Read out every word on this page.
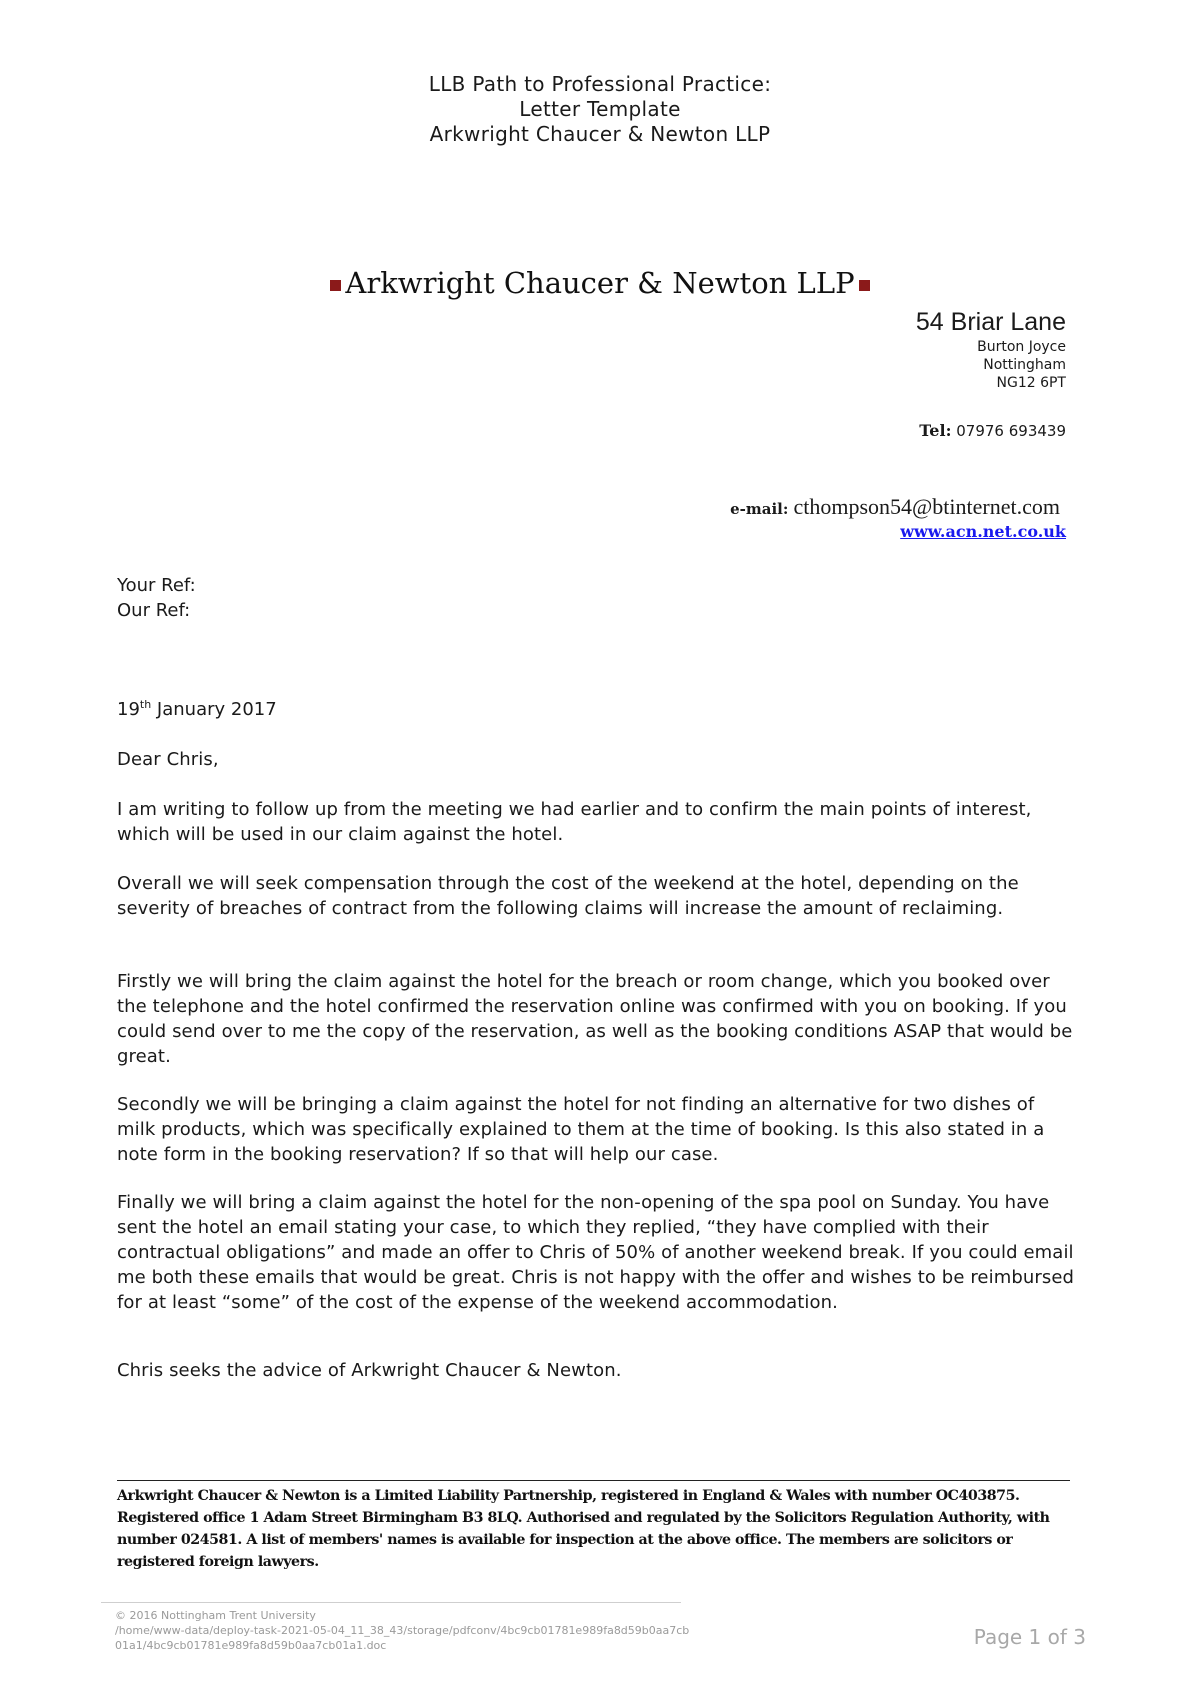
LLB Path to Professional Practice:
Letter Template
Arkwright Chaucer & Newton LLP
Arkwright Chaucer & Newton LLP
54 Briar Lane
Burton Joyce
Nottingham
NG12 6PT
Tel: 07976 693439
e-mail: cthompson54@btinternet.com
www.acn.net.co.uk
Your Ref:
Our Ref:
19th January 2017
Dear Chris,
I am writing to follow up from the meeting we had earlier and to confirm the main points of interest, which will be used in our claim against the hotel.
Overall we will seek compensation through the cost of the weekend at the hotel, depending on the severity of breaches of contract from the following claims will increase the amount of reclaiming.
Firstly we will bring the claim against the hotel for the breach or room change, which you booked over the telephone and the hotel confirmed the reservation online was confirmed with you on booking. If you could send over to me the copy of the reservation, as well as the booking conditions ASAP that would be great.
Secondly we will be bringing a claim against the hotel for not finding an alternative for two dishes of milk products, which was specifically explained to them at the time of booking. Is this also stated in a note form in the booking reservation? If so that will help our case.
Finally we will bring a claim against the hotel for the non-opening of the spa pool on Sunday. You have sent the hotel an email stating your case, to which they replied, “they have complied with their contractual obligations” and made an offer to Chris of 50% of another weekend break. If you could email me both these emails that would be great. Chris is not happy with the offer and wishes to be reimbursed for at least “some” of the cost of the expense of the weekend accommodation.
Chris seeks the advice of Arkwright Chaucer & Newton.
Arkwright Chaucer & Newton is a Limited Liability Partnership, registered in England & Wales with number OC403875. Registered office 1 Adam Street Birmingham B3 8LQ. Authorised and regulated by the Solicitors Regulation Authority, with number 024581. A list of members' names is available for inspection at the above office. The members are solicitors or registered foreign lawyers.
© 2016 Nottingham Trent University
/home/www-data/deploy-task-2021-05-04_11_38_43/storage/pdfconv/4bc9cb01781e989fa8d59b0aa7cb01a1/4bc9cb01781e989fa8d59b0aa7cb01a1.doc	Page 1 of 3
